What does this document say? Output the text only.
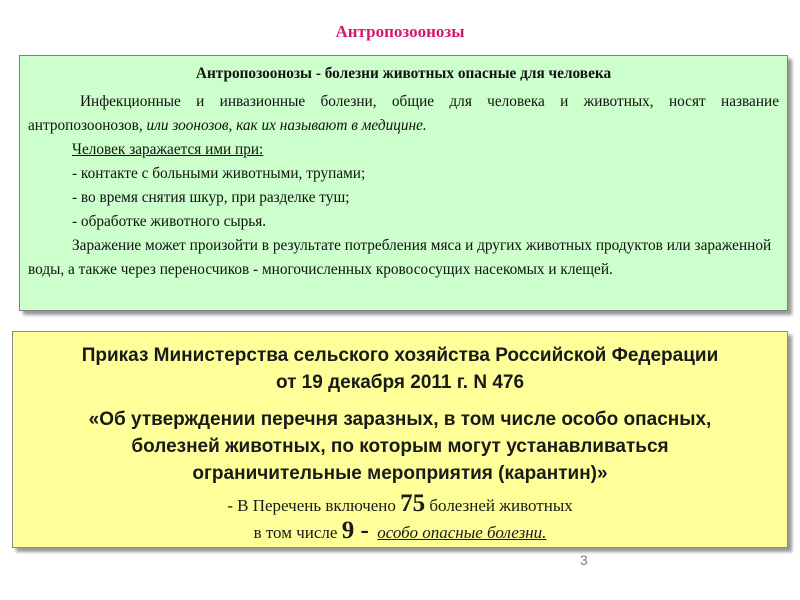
Антропозоонозы
Антропозоонозы - болезни животных опасные для человека
Инфекционные и инвазионные болезни, общие для человека и животных, носят название антропозоонозов, или зоонозов, как их называют в медицине.
Человек заражается ими при:
- контакте с больными животными, трупами;
- во время снятия шкур, при разделке туш;
- обработке животного сырья.
Заражение может произойти в результате потребления мяса и других животных продуктов или зараженной воды, а также через переносчиков - многочисленных кровососущих насекомых и клещей.
Приказ Министерства сельского хозяйства Российской Федерации
от 19 декабря 2011 г. N 476
«Об утверждении перечня заразных, в том числе особо опасных,
болезней животных, по которым могут устанавливаться
ограничительные мероприятия (карантин)»
- В Перечень включено 75 болезней животных
в том числе 9 - особо опасные болезни.
3
